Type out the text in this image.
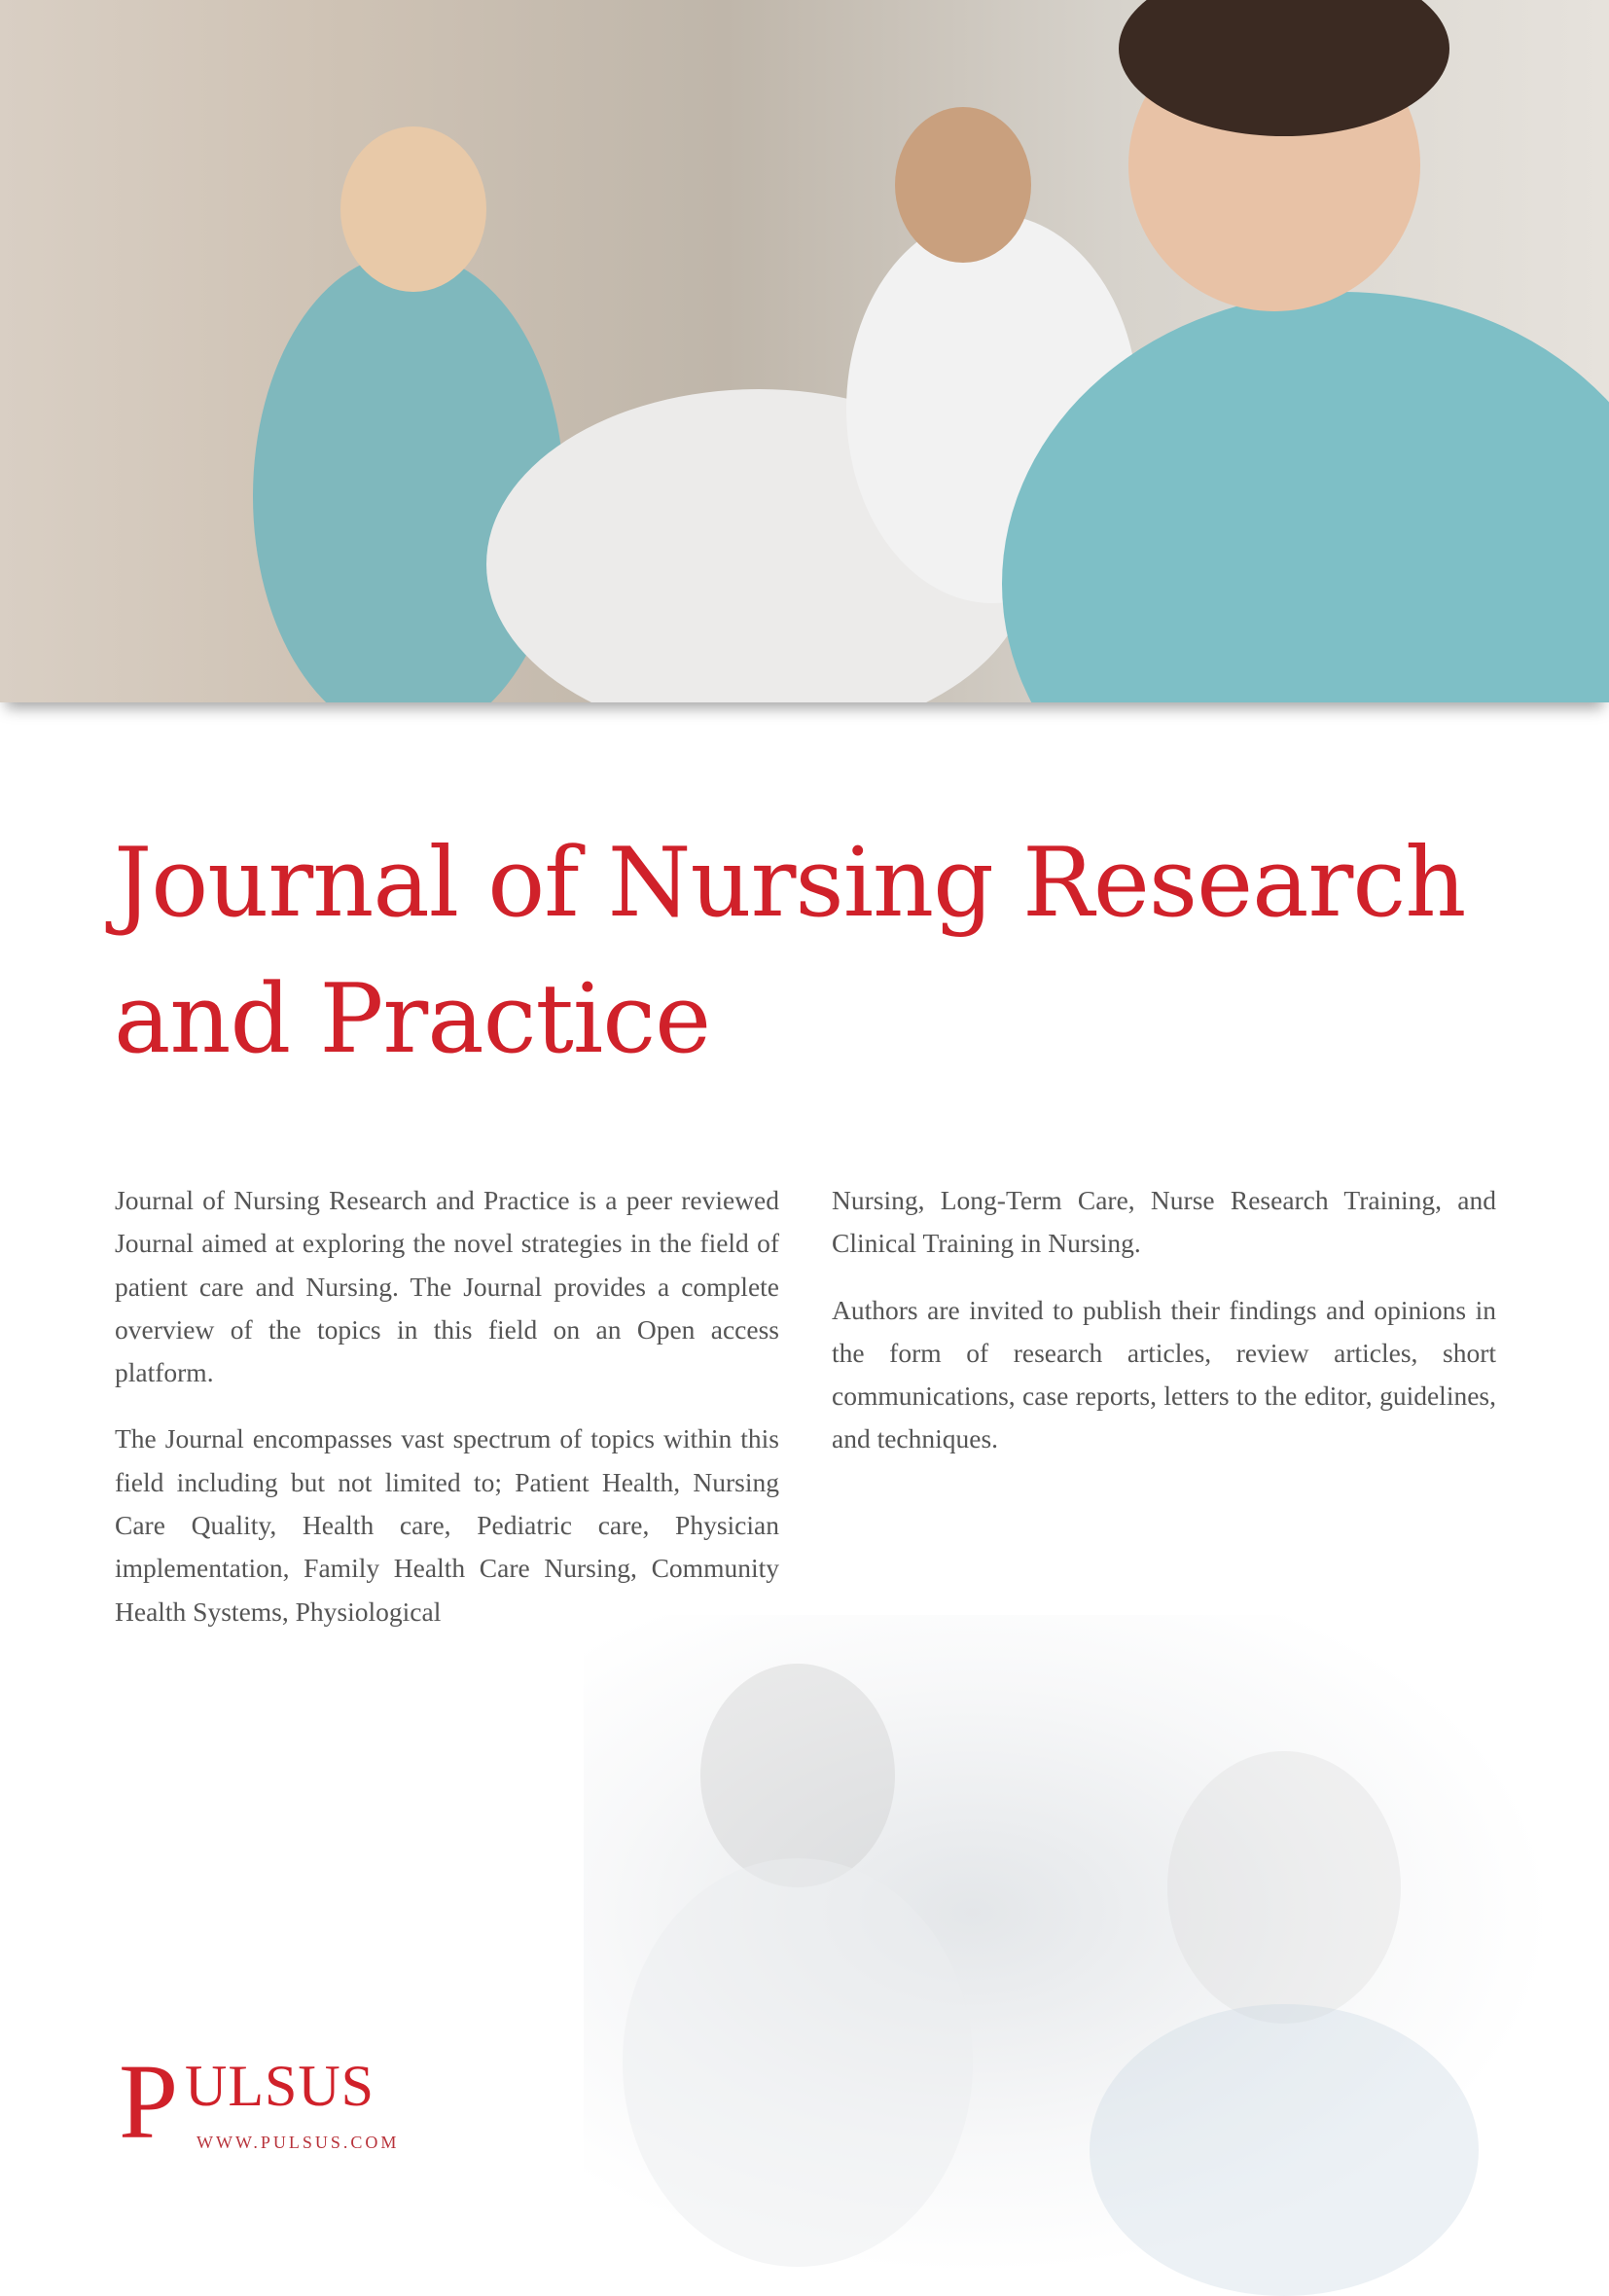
Journal of Nursing Research and Practice

Journal of Nursing Research and Practice is a peer reviewed Journal aimed at exploring the novel strategies in the field of patient care and Nursing. The Journal provides a complete overview of the topics in this field on an Open access platform.

The Journal encompasses vast spectrum of topics within this field including but not limited to; Patient Health, Nursing Care Quality, Health care, Pediatric care, Physician implementation, Family Health Care Nursing, Community Health Systems, Physiological

Nursing, Long-Term Care, Nurse Research Training, and Clinical Training in Nursing.

Authors are invited to publish their findings and opinions in the form of research articles, review articles, short communications, case reports, letters to the editor, guidelines, and techniques.

P ULSUS
WWW.PULSUS.COM
